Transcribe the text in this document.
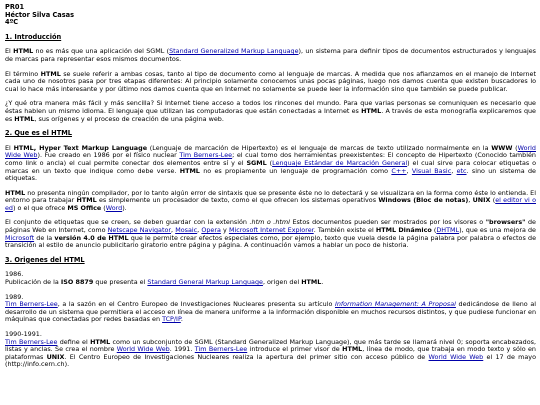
PR01
Héctor Silva Casas
4ºC
1. Introducción

El HTML no es más que una aplicación del SGML (Standard Generalized Markup Language), un sistema para definir tipos de documentos estructurados y lenguajes de marcas para representar esos mismos documentos.

El término HTML se suele referir a ambas cosas, tanto al tipo de documento como al lenguaje de marcas. A medida que nos afianzamos en el manejo de Internet cada uno de nosotros pasa por tres etapas diferentes: Al principio solamente conocemos unas pocas páginas, luego nos damos cuenta que existen buscadores lo cual lo hace más interesante y por último nos damos cuenta que en Internet no solamente se puede leer la información sino que también se puede publicar.

¿Y qué otra manera más fácil y más sencilla? Si Internet tiene acceso a todos los rincones del mundo. Para que varias personas se comuniquen es necesario que éstas hablen un mismo idioma. El lenguaje que utilizan las computadoras que están conectadas a Internet es HTML. A través de esta monografía explicaremos que es HTML, sus orígenes y el proceso de creación de una página web.

2. Que es el HTML

El HTML, Hyper Text Markup Language (Lenguaje de marcación de Hipertexto) es el lenguaje de marcas de texto utilizado normalmente en la WWW (World Wide Web). Fue creado en 1986 por el físico nuclear Tim Berners-Lee; el cual tomo dos herramientas preexistentes: El concepto de Hipertexto (Conocido también como link o ancla) el cual permite conectar dos elementos entre sí y el SGML (Lenguaje Estándar de Marcación General) el cual sirve para colocar etiquetas o marcas en un texto que indique como debe verse. HTML no es propiamente un lenguaje de programación como C++, Visual Basic, etc. sino un sistema de etiquetas.

HTML no presenta ningún compilador, por lo tanto algún error de sintaxis que se presente éste no lo detectará y se visualizara en la forma como éste lo entienda. El entorno para trabajar HTML es simplemente un procesador de texto, como el que ofrecen los sistemas operativos Windows (Bloc de notas), UNIX (el editor vi o ed) o el que ofrece MS Office (Word).

El conjunto de etiquetas que se creen, se deben guardar con la extensión .htm o .html Estos documentos pueden ser mostrados por los visores o "browsers" de páginas Web en Internet, como Netscape Navigator, Mosaic, Opera y Microsoft Internet Explorer. También existe el HTML Dinámico (DHTML), que es una mejora de Microsoft de la versión 4.0 de HTML que le permite crear efectos especiales como, por ejemplo, texto que vuela desde la página palabra por palabra o efectos de transición al estilo de anuncio publicitario giratorio entre página y página. A continuación vamos a hablar un poco de historia.

3. Origenes del HTML

1986.

Publicación de la ISO 8879 que presenta el Standard General Markup Language, origen del HTML.

1989.

Tim Berners-Lee, a la sazón en el Centro Europeo de Investigaciones Nucleares presenta su artículo Information Management: A Proposal dedicándose de lleno al desarrollo de un sistema que permitiera el acceso en línea de manera uniforme a la información disponible en muchos recursos distintos, y que pudiese funcionar en máquinas que conectadas por redes basadas en TCP/IP.

1990-1991.

Tim Berners-Lee define el HTML como un subconjunto de SGML (Standard Generalized Markup Language), que más tarde se llamará nivel 0; soporta encabezados, listas y anclas. Se crea el nombre World Wide Web. 1991. Tim Berners-Lee introduce el primer visor de HTML, línea de modo, que trabaja en modo texto y sólo en plataformas UNIX. El Centro Europeo de Investigaciones Nucleares realiza la apertura del primer sitio con acceso público de World Wide Web el 17 de mayo (http://info.cern.ch).
